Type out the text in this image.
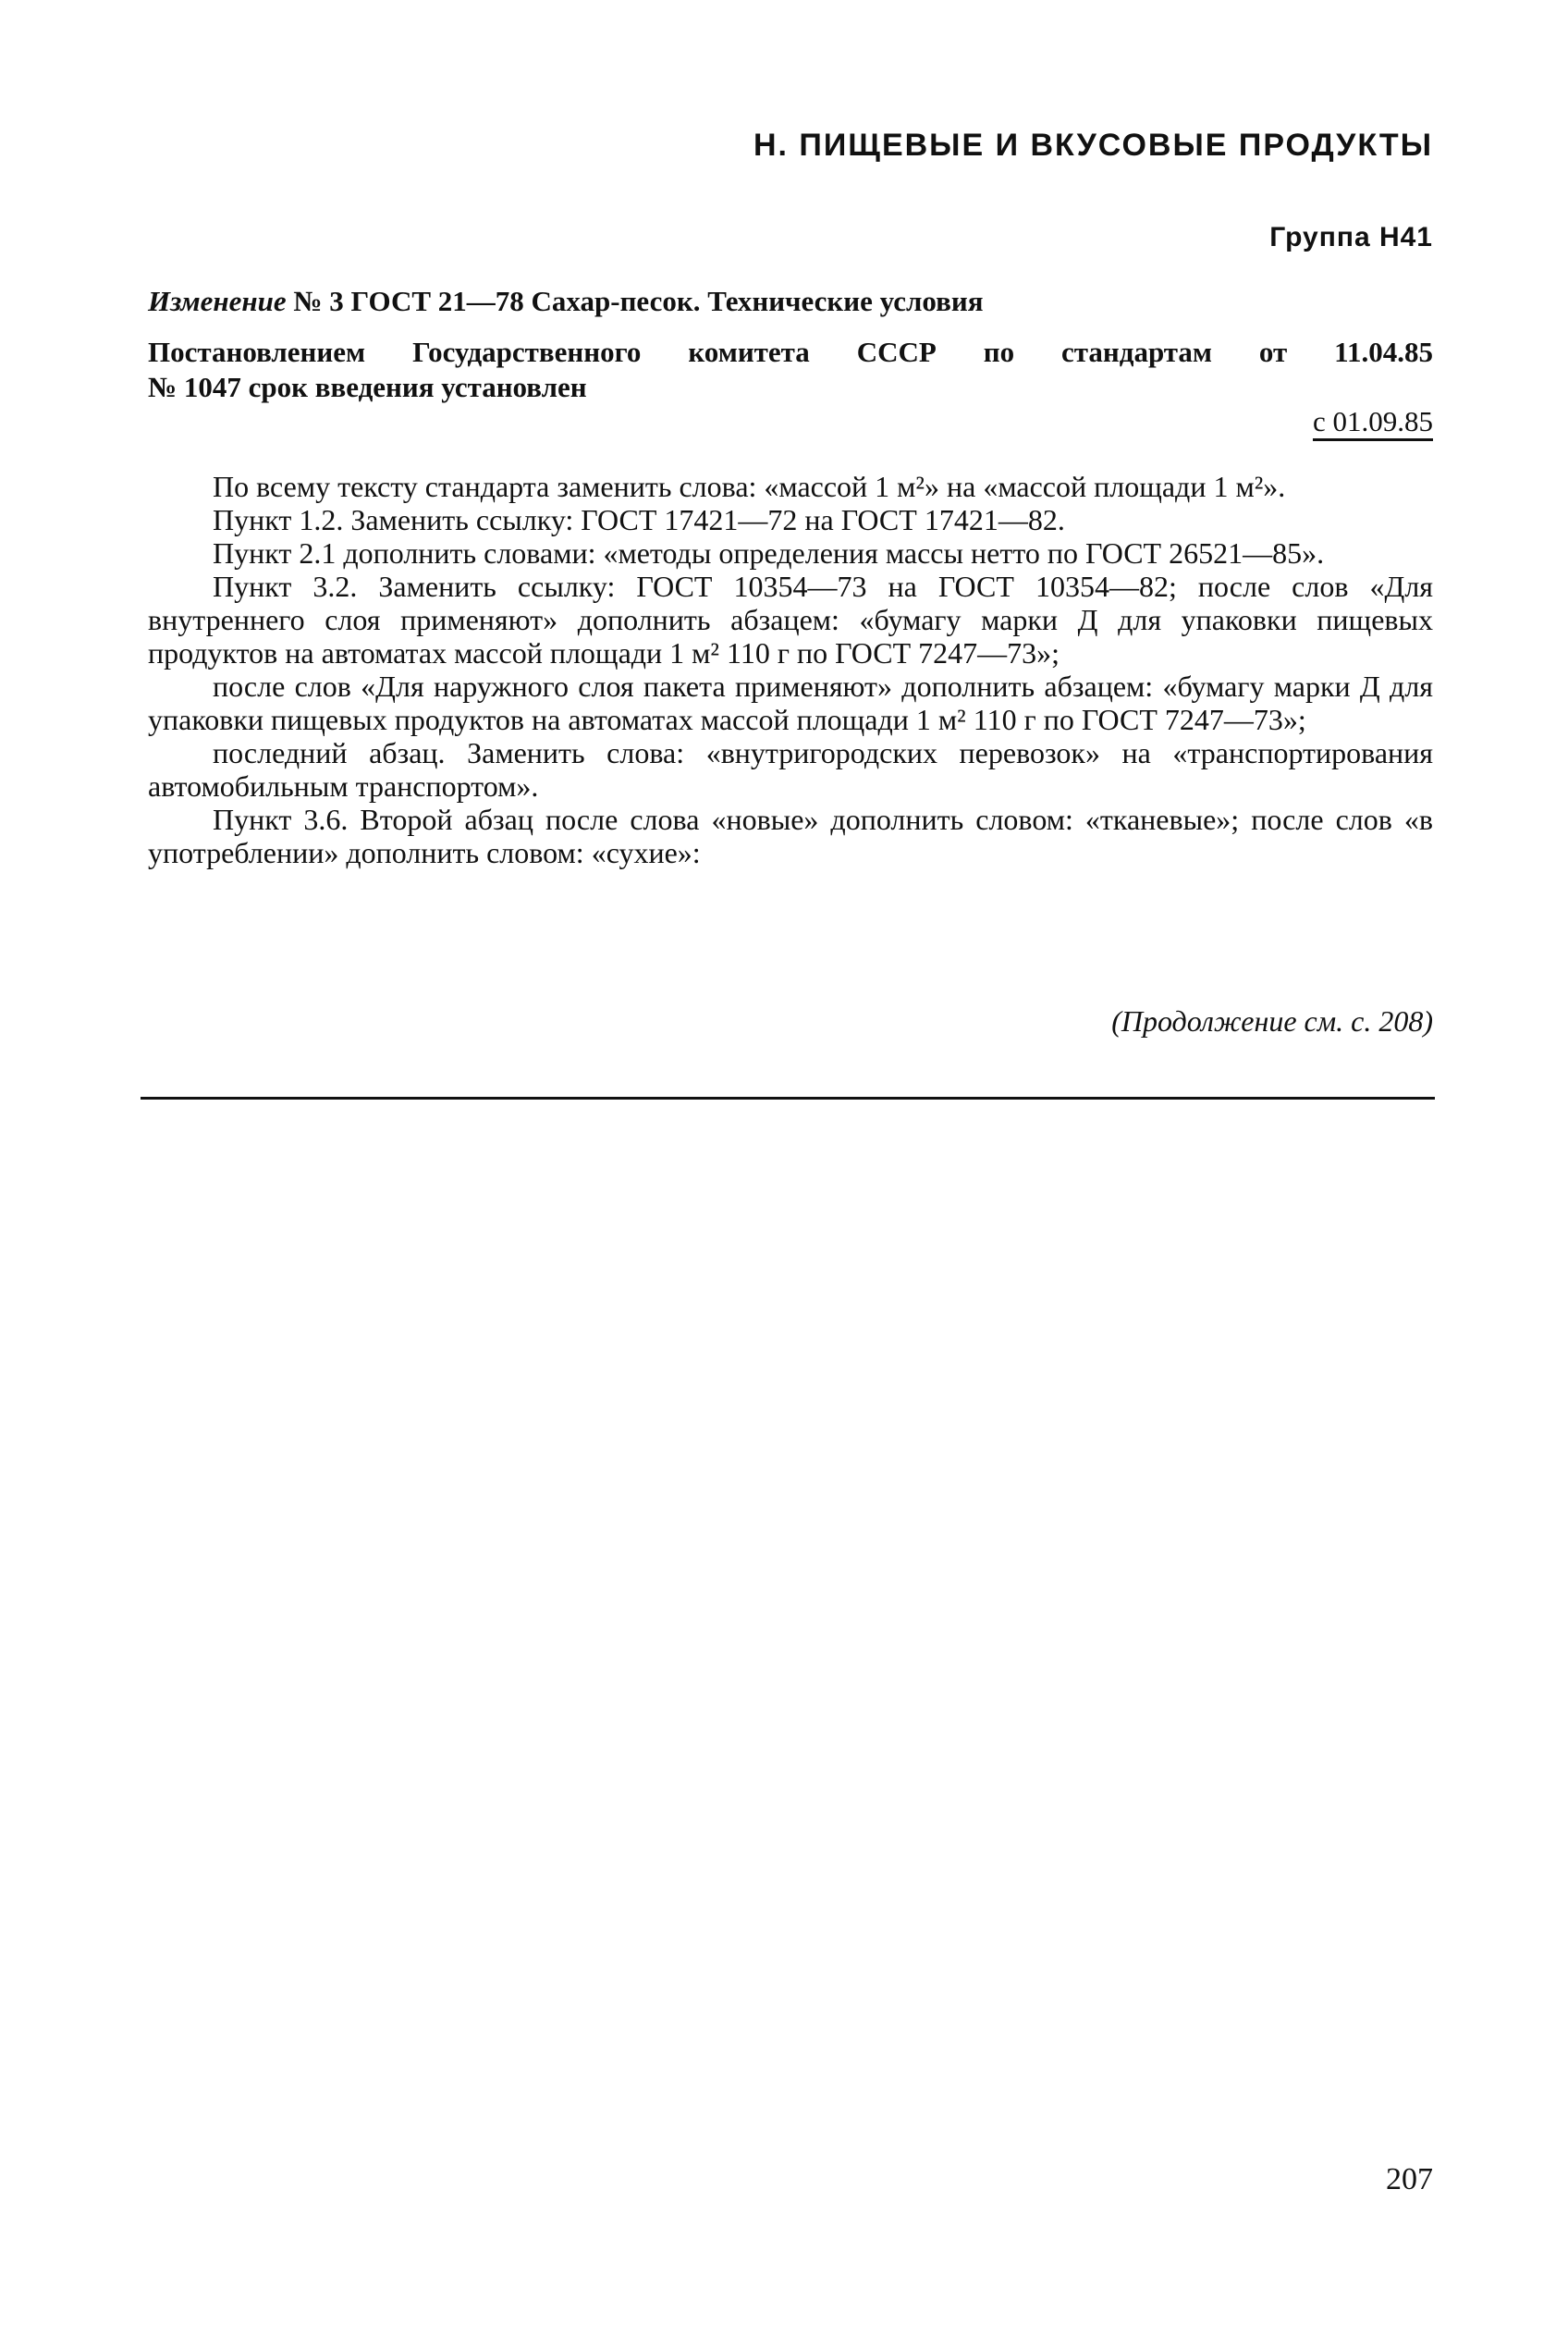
Н. ПИЩЕВЫЕ И ВКУСОВЫЕ ПРОДУКТЫ
Группа Н41
Изменение № 3 ГОСТ 21—78 Сахар-песок. Технические условия
Постановлением Государственного комитета СССР по стандартам от 11.04.85
№ 1047 срок введения установлен
с 01.09.85

По всему тексту стандарта заменить слова: «массой 1 м²» на «массой площади 1 м²».

Пункт 1.2. Заменить ссылку: ГОСТ 17421—72 на ГОСТ 17421—82.

Пункт 2.1 дополнить словами: «методы определения массы нетто по ГОСТ 26521—85».

Пункт 3.2. Заменить ссылку: ГОСТ 10354—73 на ГОСТ 10354—82; после слов «Для внутреннего слоя применяют» дополнить абзацем: «бумагу марки Д для упаковки пищевых продуктов на автоматах массой площади 1 м² 110 г по ГОСТ 7247—73»;

после слов «Для наружного слоя пакета применяют» дополнить абзацем: «бумагу марки Д для упаковки пищевых продуктов на автоматах массой площади 1 м² 110 г по ГОСТ 7247—73»;

последний абзац. Заменить слова: «внутригородских перевозок» на «транспортирования автомобильным транспортом».

Пункт 3.6. Второй абзац после слова «новые» дополнить словом: «тканевые»; после слов «в употреблении» дополнить словом: «сухие»:

(Продолжение см. с. 208)
207
